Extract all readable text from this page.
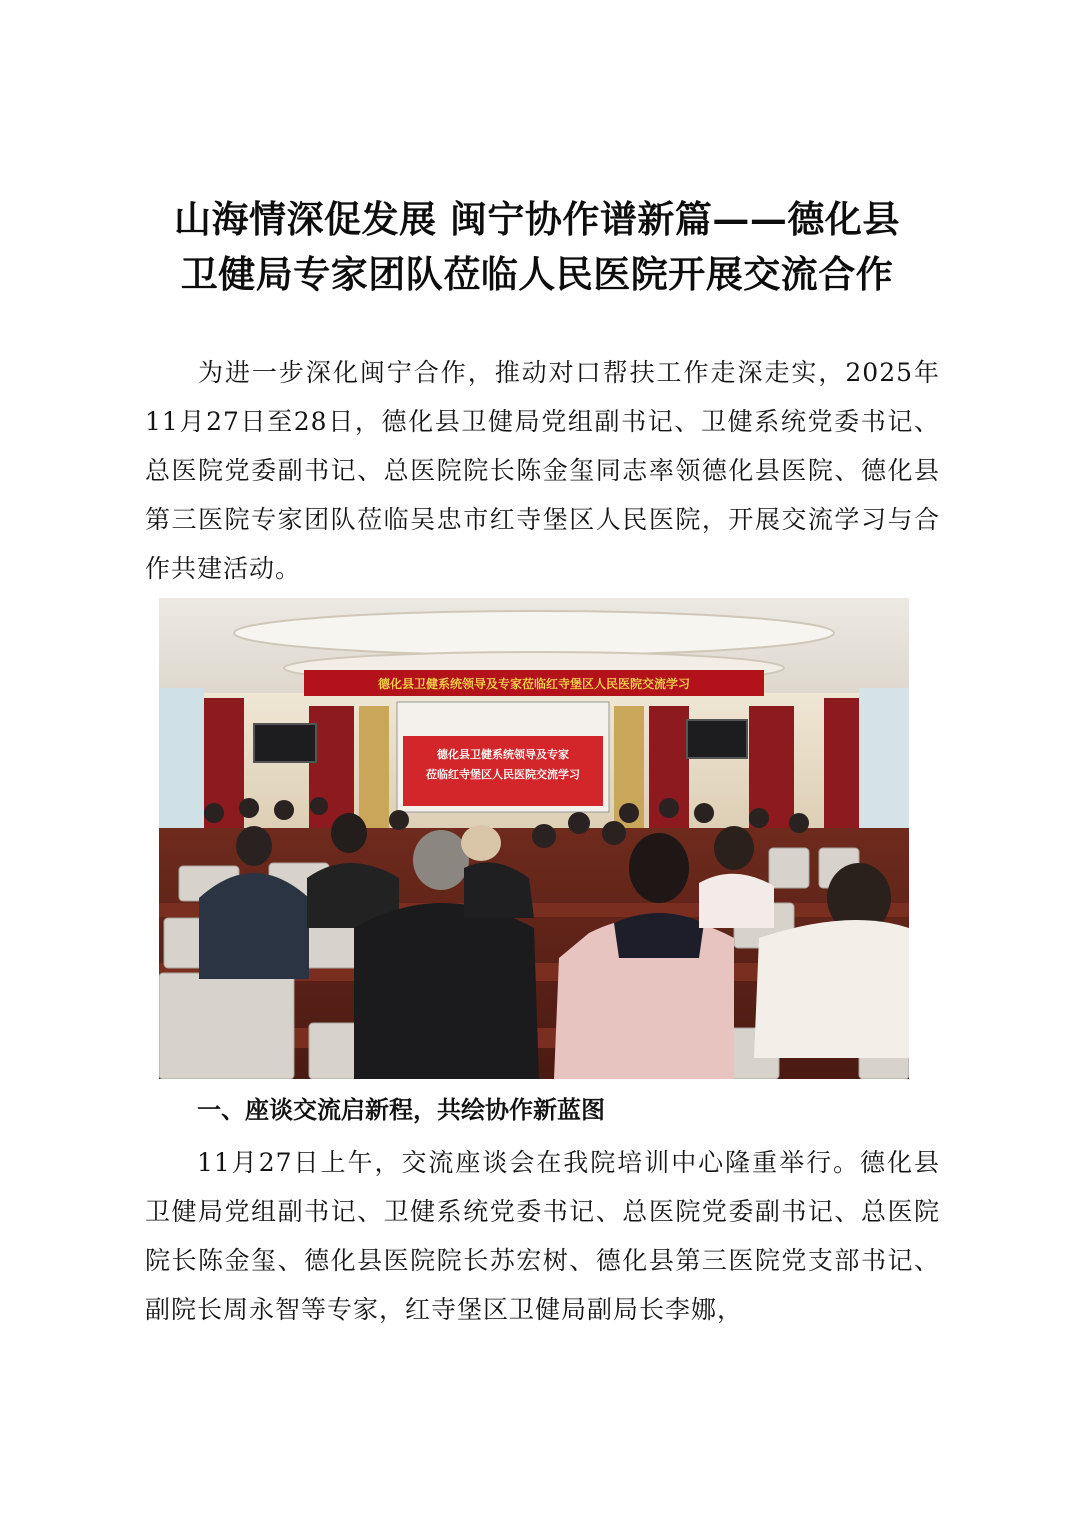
山海情深促发展 闽宁协作谱新篇——德化县
卫健局专家团队莅临人民医院开展交流合作
为进一步深化闽宁合作，推动对口帮扶工作走深走实，2025年11月27日至28日，德化县卫健局党组副书记、卫健系统党委书记、总医院党委副书记、总医院院长陈金玺同志率领德化县医院、德化县第三医院专家团队莅临吴忠市红寺堡区人民医院，开展交流学习与合作共建活动。
德化县卫健系统领导及专家莅临红寺堡区人民医院交流学习
德化县卫健系统领导及专家
莅临红寺堡区人民医院交流学习
一、座谈交流启新程，共绘协作新蓝图
11月27日上午，交流座谈会在我院培训中心隆重举行。德化县卫健局党组副书记、卫健系统党委书记、总医院党委副书记、总医院院长陈金玺、德化县医院院长苏宏树、德化县第三医院党支部书记、副院长周永智等专家，红寺堡区卫健局副局长李娜，
